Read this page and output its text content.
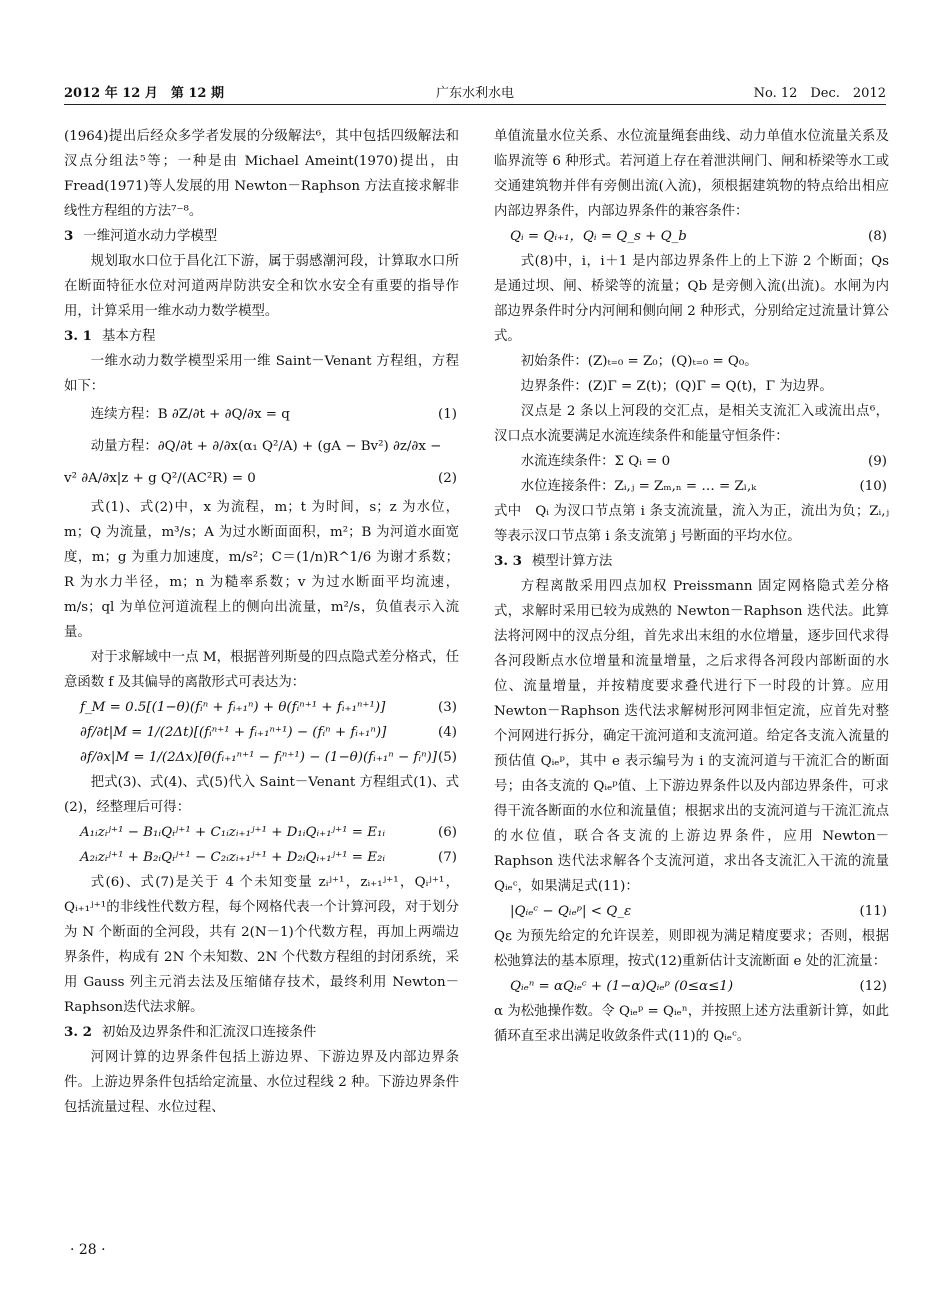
2012 年 12 月　第 12 期	广东水利水电	No. 12　Dec.　2012

(1964)提出后经众多学者发展的分级解法⁶，其中包括四级解法和汊点分组法⁵等；一种是由 Michael Ameint(1970)提出，由 Fread(1971)等人发展的用 Newton－Raphson 方法直接求解非线性方程组的方法⁷⁻⁸。

3 一维河道水动力学模型

规划取水口位于昌化江下游，属于弱感潮河段，计算取水口所在断面特征水位对河道两岸防洪安全和饮水安全有重要的指导作用，计算采用一维水动力数学模型。

3. 1 基本方程

一维水动力数学模型采用一维 Saint－Venant 方程组，方程如下：

连续方程：B ∂Z/∂t + ∂Q/∂x = q	(1)
动量方程：∂Q/∂t + ∂/∂x(α₁ Q²/A) + (gA − Bv²) ∂z/∂x −
v² ∂A/∂x|z + g Q²/(AC²R) = 0	(2)

式(1)、式(2)中，x 为流程，m；t 为时间，s；z 为水位，m；Q 为流量，m³/s；A 为过水断面面积，m²；B 为河道水面宽度，m；g 为重力加速度，m/s²；C＝(1/n)R^1/6 为谢才系数；R 为水力半径，m；n 为糙率系数；v 为过水断面平均流速，m/s；ql 为单位河道流程上的侧向出流量，m²/s，负值表示入流量。

对于求解域中一点 M，根据普列斯曼的四点隐式差分格式，任意函数 f 及其偏导的离散形式可表达为：

f_M = 0.5[(1−θ)(fᵢⁿ + fᵢ₊₁ⁿ) + θ(fᵢⁿ⁺¹ + fᵢ₊₁ⁿ⁺¹)]	(3)
∂f/∂t|M = 1/(2Δt)[(fᵢⁿ⁺¹ + fᵢ₊₁ⁿ⁺¹) − (fᵢⁿ + fᵢ₊₁ⁿ)]	(4)
∂f/∂x|M = 1/(2Δx)[θ(fᵢ₊₁ⁿ⁺¹ − fᵢⁿ⁺¹) − (1−θ)(fᵢ₊₁ⁿ − fᵢⁿ)] (5)

把式(3)、式(4)、式(5)代入 Saint－Venant 方程组式(1)、式(2)，经整理后可得：

A₁ᵢzᵢʲ⁺¹ − B₁ᵢQᵢʲ⁺¹ + C₁ᵢzᵢ₊₁ʲ⁺¹ + D₁ᵢQᵢ₊₁ʲ⁺¹ = E₁ᵢ	(6)
A₂ᵢzᵢʲ⁺¹ + B₂ᵢQᵢʲ⁺¹ − C₂ᵢzᵢ₊₁ʲ⁺¹ + D₂ᵢQᵢ₊₁ʲ⁺¹ = E₂ᵢ	(7)

式(6)、式(7)是关于 4 个未知变量 zᵢʲ⁺¹，zᵢ₊₁ʲ⁺¹，Qᵢʲ⁺¹，Qᵢ₊₁ʲ⁺¹的非线性代数方程，每个网格代表一个计算河段，对于划分为 N 个断面的全河段，共有 2(N－1)个代数方程，再加上两端边界条件，构成有 2N 个未知数、2N 个代数方程组的封闭系统，采用 Gauss 列主元消去法及压缩储存技术，最终利用 Newton－Raphson迭代法求解。

3. 2 初始及边界条件和汇流汊口连接条件

河网计算的边界条件包括上游边界、下游边界及内部边界条件。上游边界条件包括给定流量、水位过程线 2 种。下游边界条件包括流量过程、水位过程、

单值流量水位关系、水位流量绳套曲线、动力单值水位流量关系及临界流等 6 种形式。若河道上存在着泄洪闸门、闸和桥梁等水工或交通建筑物并伴有旁侧出流(入流)，须根据建筑物的特点给出相应内部边界条件，内部边界条件的兼容条件：

Qᵢ = Qᵢ₊₁，Qᵢ = Q_s + Q_b	(8)

式(8)中，i，i＋1 是内部边界条件上的上下游 2 个断面；Qs 是通过坝、闸、桥梁等的流量；Qb 是旁侧入流(出流)。水闸为内部边界条件时分内河闸和侧向闸 2 种形式，分别给定过流量计算公式。

初始条件：(Z)ₜ₌₀ = Z₀；(Q)ₜ₌₀ = Q₀。

边界条件：(Z)Γ = Z(t)；(Q)Γ = Q(t)，Γ 为边界。

汊点是 2 条以上河段的交汇点，是相关支流汇入或流出点⁶，汊口点水流要满足水流连续条件和能量守恒条件：

水流连续条件：Σ Qᵢ = 0	(9)
水位连接条件：Zᵢ,ⱼ = Zₘ,ₙ = … = Zₗ,ₖ	(10)

式中　Qᵢ 为汊口节点第 i 条支流流量，流入为正，流出为负；Zᵢ,ⱼ等表示汊口节点第 i 条支流第 j 号断面的平均水位。

3. 3 模型计算方法

方程离散采用四点加权 Preissmann 固定网格隐式差分格式，求解时采用已较为成熟的 Newton－Raphson 迭代法。此算法将河网中的汊点分组，首先求出末组的水位增量，逐步回代求得各河段断点水位增量和流量增量，之后求得各河段内部断面的水位、流量增量，并按精度要求叠代进行下一时段的计算。应用 Newton－Raphson 迭代法求解树形河网非恒定流，应首先对整个河网进行拆分，确定干流河道和支流河道。给定各支流入流量的预估值 Qᵢₑᵖ，其中 e 表示编号为 i 的支流河道与干流汇合的断面号；由各支流的 Qᵢₑᵖ值、上下游边界条件以及内部边界条件，可求得干流各断面的水位和流量值；根据求出的支流河道与干流汇流点的水位值，联合各支流的上游边界条件，应用 Newton－Raphson 迭代法求解各个支流河道，求出各支流汇入干流的流量 Qᵢₑᶜ，如果满足式(11)：

|Qᵢₑᶜ − Qᵢₑᵖ| < Q_ε	(11)

Qε 为预先给定的允许误差，则即视为满足精度要求；否则，根据松弛算法的基本原理，按式(12)重新估计支流断面 e 处的汇流量：

Qᵢₑⁿ = αQᵢₑᶜ + (1−α)Qᵢₑᵖ (0≤α≤1)	(12)

α 为松弛操作数。令 Qᵢₑᵖ = Qᵢₑⁿ，并按照上述方法重新计算，如此循环直至求出满足收敛条件式(11)的 Qᵢₑᶜ。

· 28 ·
